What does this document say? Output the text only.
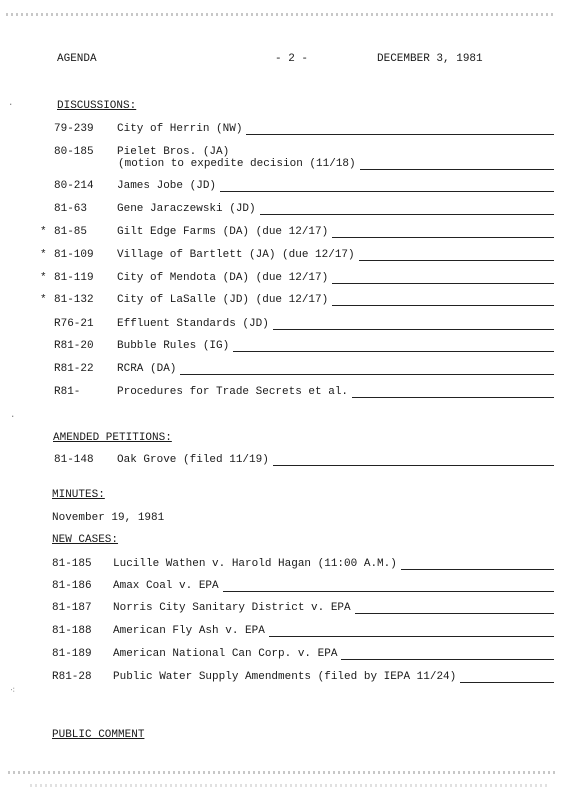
·
·
⁖
AGENDA	- 2 -	DECEMBER 3, 1981
DISCUSSIONS:
79-239 City of Herrin (NW)
80-185 Pielet Bros. (JA)
(motion to expedite decision (11/18)
80-214 James Jobe (JD)
81-63	Gene Jaraczewski (JD)
* 81-85	Gilt Edge Farms (DA) (due 12/17)
* 81-109 Village of Bartlett (JA) (due 12/17)
* 81-119 City of Mendota (DA) (due 12/17)
* 81-132 City of LaSalle (JD) (due 12/17)
R76-21 Effluent Standards (JD)
R81-20 Bubble Rules (IG)
R81-22 RCRA (DA)
R81-	Procedures for Trade Secrets et al.
AMENDED PETITIONS:
81-148 Oak Grove (filed 11/19)
MINUTES:
November 19, 1981
NEW CASES:
81-185 Lucille Wathen v. Harold Hagan (11:00 A.M.)
81-186 Amax Coal v. EPA
81-187 Norris City Sanitary District v. EPA
81-188 American Fly Ash v. EPA
81-189 American National Can Corp. v. EPA
R81-28 Public Water Supply Amendments (filed by IEPA 11/24)
PUBLIC COMMENT
